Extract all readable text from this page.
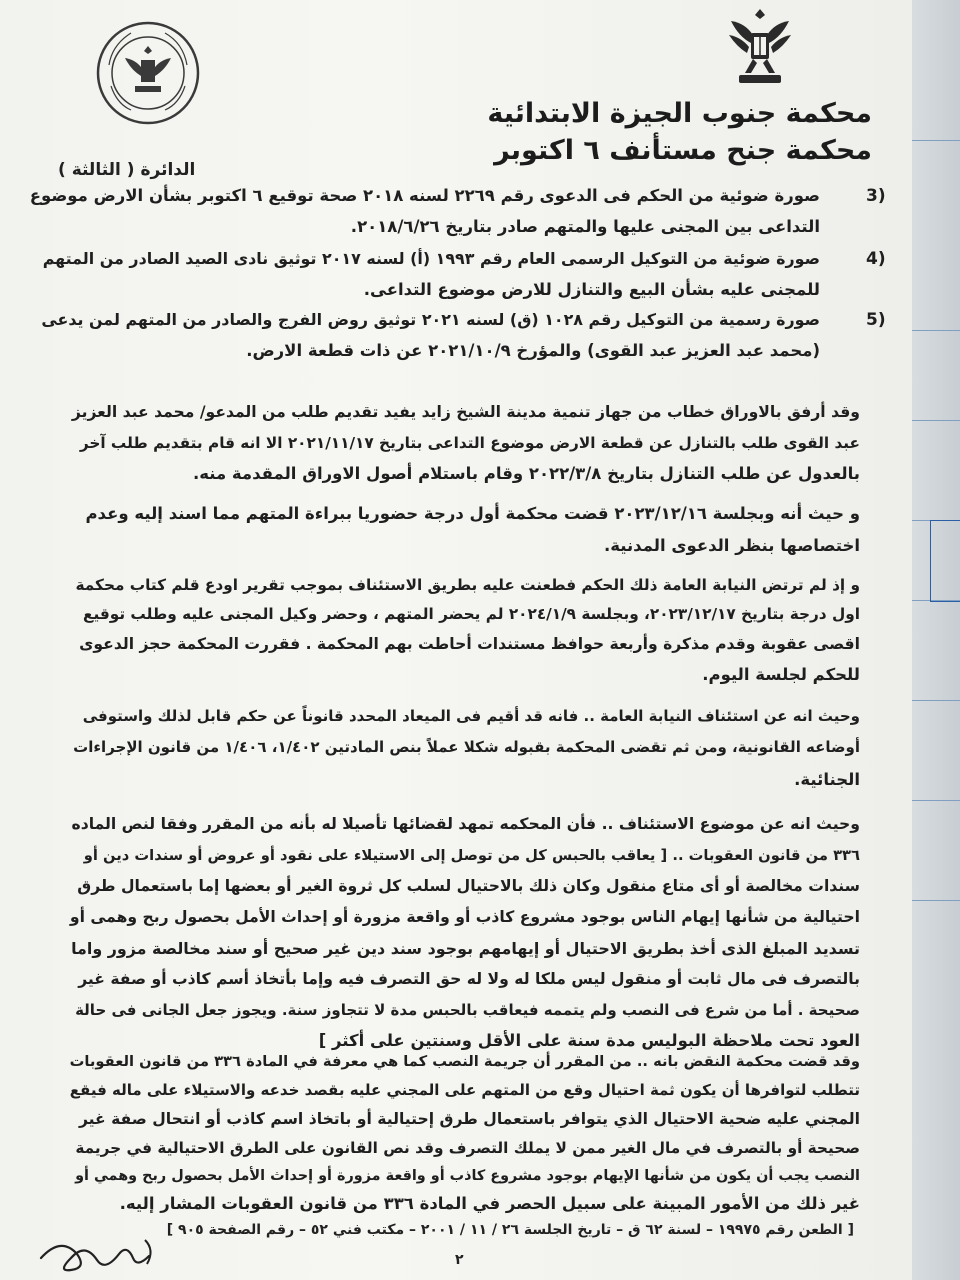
محكمة جنوب الجيزة الابتدائية
محكمة جنح مستأنف ٦ اكتوبر
الدائرة ( الثالثة )
3)
صورة ضوئية من الحكم فى الدعوى رقم ٢٢٦٩ لسنه ٢٠١٨ صحة توقيع ٦ اكتوبر بشأن الارض موضوع
التداعى بين المجنى عليها والمتهم صادر بتاريخ ٢٠١٨/٦/٢٦.
4)
صورة ضوئية من التوكيل الرسمى العام رقم ١٩٩٣ (أ) لسنه ٢٠١٧ توثيق نادى الصيد الصادر من المتهم
للمجنى عليه بشأن البيع والتنازل للارض موضوع التداعى.
5)
صورة رسمية من التوكيل رقم ١٠٢٨ (ق) لسنه ٢٠٢١ توثيق روض الفرج والصادر من المتهم لمن يدعى
(محمد عبد العزيز عبد القوى) والمؤرخ ٢٠٢١/١٠/٩ عن ذات قطعة الارض.
وقد أرفق بالاوراق خطاب من جهاز تنمية مدينة الشيخ زايد يفيد تقديم طلب من المدعو/ محمد عبد العزيز
عبد القوى طلب بالتنازل عن قطعة الارض موضوع التداعى بتاريخ ٢٠٢١/١١/١٧ الا انه قام بتقديم طلب آخر
بالعدول عن طلب التنازل بتاريخ ٢٠٢٢/٣/٨ وقام باستلام أصول الاوراق المقدمة منه.
و حيث أنه وبجلسة ٢٠٢٣/١٢/١٦ قضت محكمة أول درجة حضوريا ببراءة المتهم مما اسند إليه وعدم
اختصاصها بنظر الدعوى المدنية.
و إذ لم ترتض النيابة العامة ذلك الحكم فطعنت عليه بطريق الاستئناف بموجب تقرير اودع قلم كتاب محكمة
اول درجة بتاريخ ٢٠٢٣/١٢/١٧، وبجلسة ٢٠٢٤/١/٩ لم يحضر المتهم ، وحضر وكيل المجنى عليه وطلب توقيع
اقصى عقوبة وقدم مذكرة وأربعة حوافظ مستندات أحاطت بهم المحكمة . فقررت المحكمة حجز الدعوى
للحكم لجلسة اليوم.
وحيث انه عن استئناف النيابة العامة .. فانه قد أقيم فى الميعاد المحدد قانوناً عن حكم قابل لذلك واستوفى
أوضاعه القانونية، ومن ثم تقضى المحكمة بقبوله شكلا عملاً بنص المادتين ١/٤٠٢، ١/٤٠٦ من قانون الإجراءات
الجنائية.
وحيث انه عن موضوع الاستئناف .. فأن المحكمه تمهد لقضائها تأصيلا له بأنه من المقرر وفقا لنص الماده
٣٣٦ من قانون العقوبات .. [ يعاقب بالحبس كل من توصل إلى الاستيلاء على نقود أو عروض أو سندات دين أو
سندات مخالصة أو أى متاع منقول وكان ذلك بالاحتيال لسلب كل ثروة الغير أو بعضها إما باستعمال طرق
احتيالية من شأنها إيهام الناس بوجود مشروع كاذب أو واقعة مزورة أو إحداث الأمل بحصول ربح وهمى أو
تسديد المبلغ الذى أخذ بطريق الاحتيال أو إيهامهم بوجود سند دين غير صحيح أو سند مخالصة مزور واما
بالتصرف فى مال ثابت أو منقول ليس ملكا له ولا له حق التصرف فيه وإما بأتخاذ أسم كاذب أو صفة غير
صحيحة . أما من شرع فى النصب ولم يتممه فيعاقب بالحبس مدة لا تتجاوز سنة. ويجوز جعل الجانى فى حالة
العود تحت ملاحظة البوليس مدة سنة على الأقل وسنتين على أكثر ]
وقد قضت محكمة النقض بانه .. من المقرر أن جريمة النصب كما هي معرفة في المادة ٣٣٦ من قانون العقوبات
تتطلب لتوافرها أن يكون ثمة احتيال وقع من المتهم على المجني عليه بقصد خدعه والاستيلاء على ماله فيقع
المجني عليه ضحية الاحتيال الذي يتوافر باستعمال طرق إحتيالية أو باتخاذ اسم كاذب أو انتحال صفة غير
صحيحة أو بالتصرف في مال الغير ممن لا يملك التصرف وقد نص القانون على الطرق الاحتيالية في جريمة
النصب يجب أن يكون من شأنها الإيهام بوجود مشروع كاذب أو واقعة مزورة أو إحداث الأمل بحصول ربح وهمي أو
غير ذلك من الأمور المبينة على سبيل الحصر في المادة ٣٣٦ من قانون العقوبات المشار إليه.
[ الطعن رقم ١٩٩٧٥ – لسنة ٦٢ ق – تاريخ الجلسة ٢٦ / ١١ / ٢٠٠١ – مكتب فني ٥٢ – رقم الصفحة ٩٠٥ ]
٢
